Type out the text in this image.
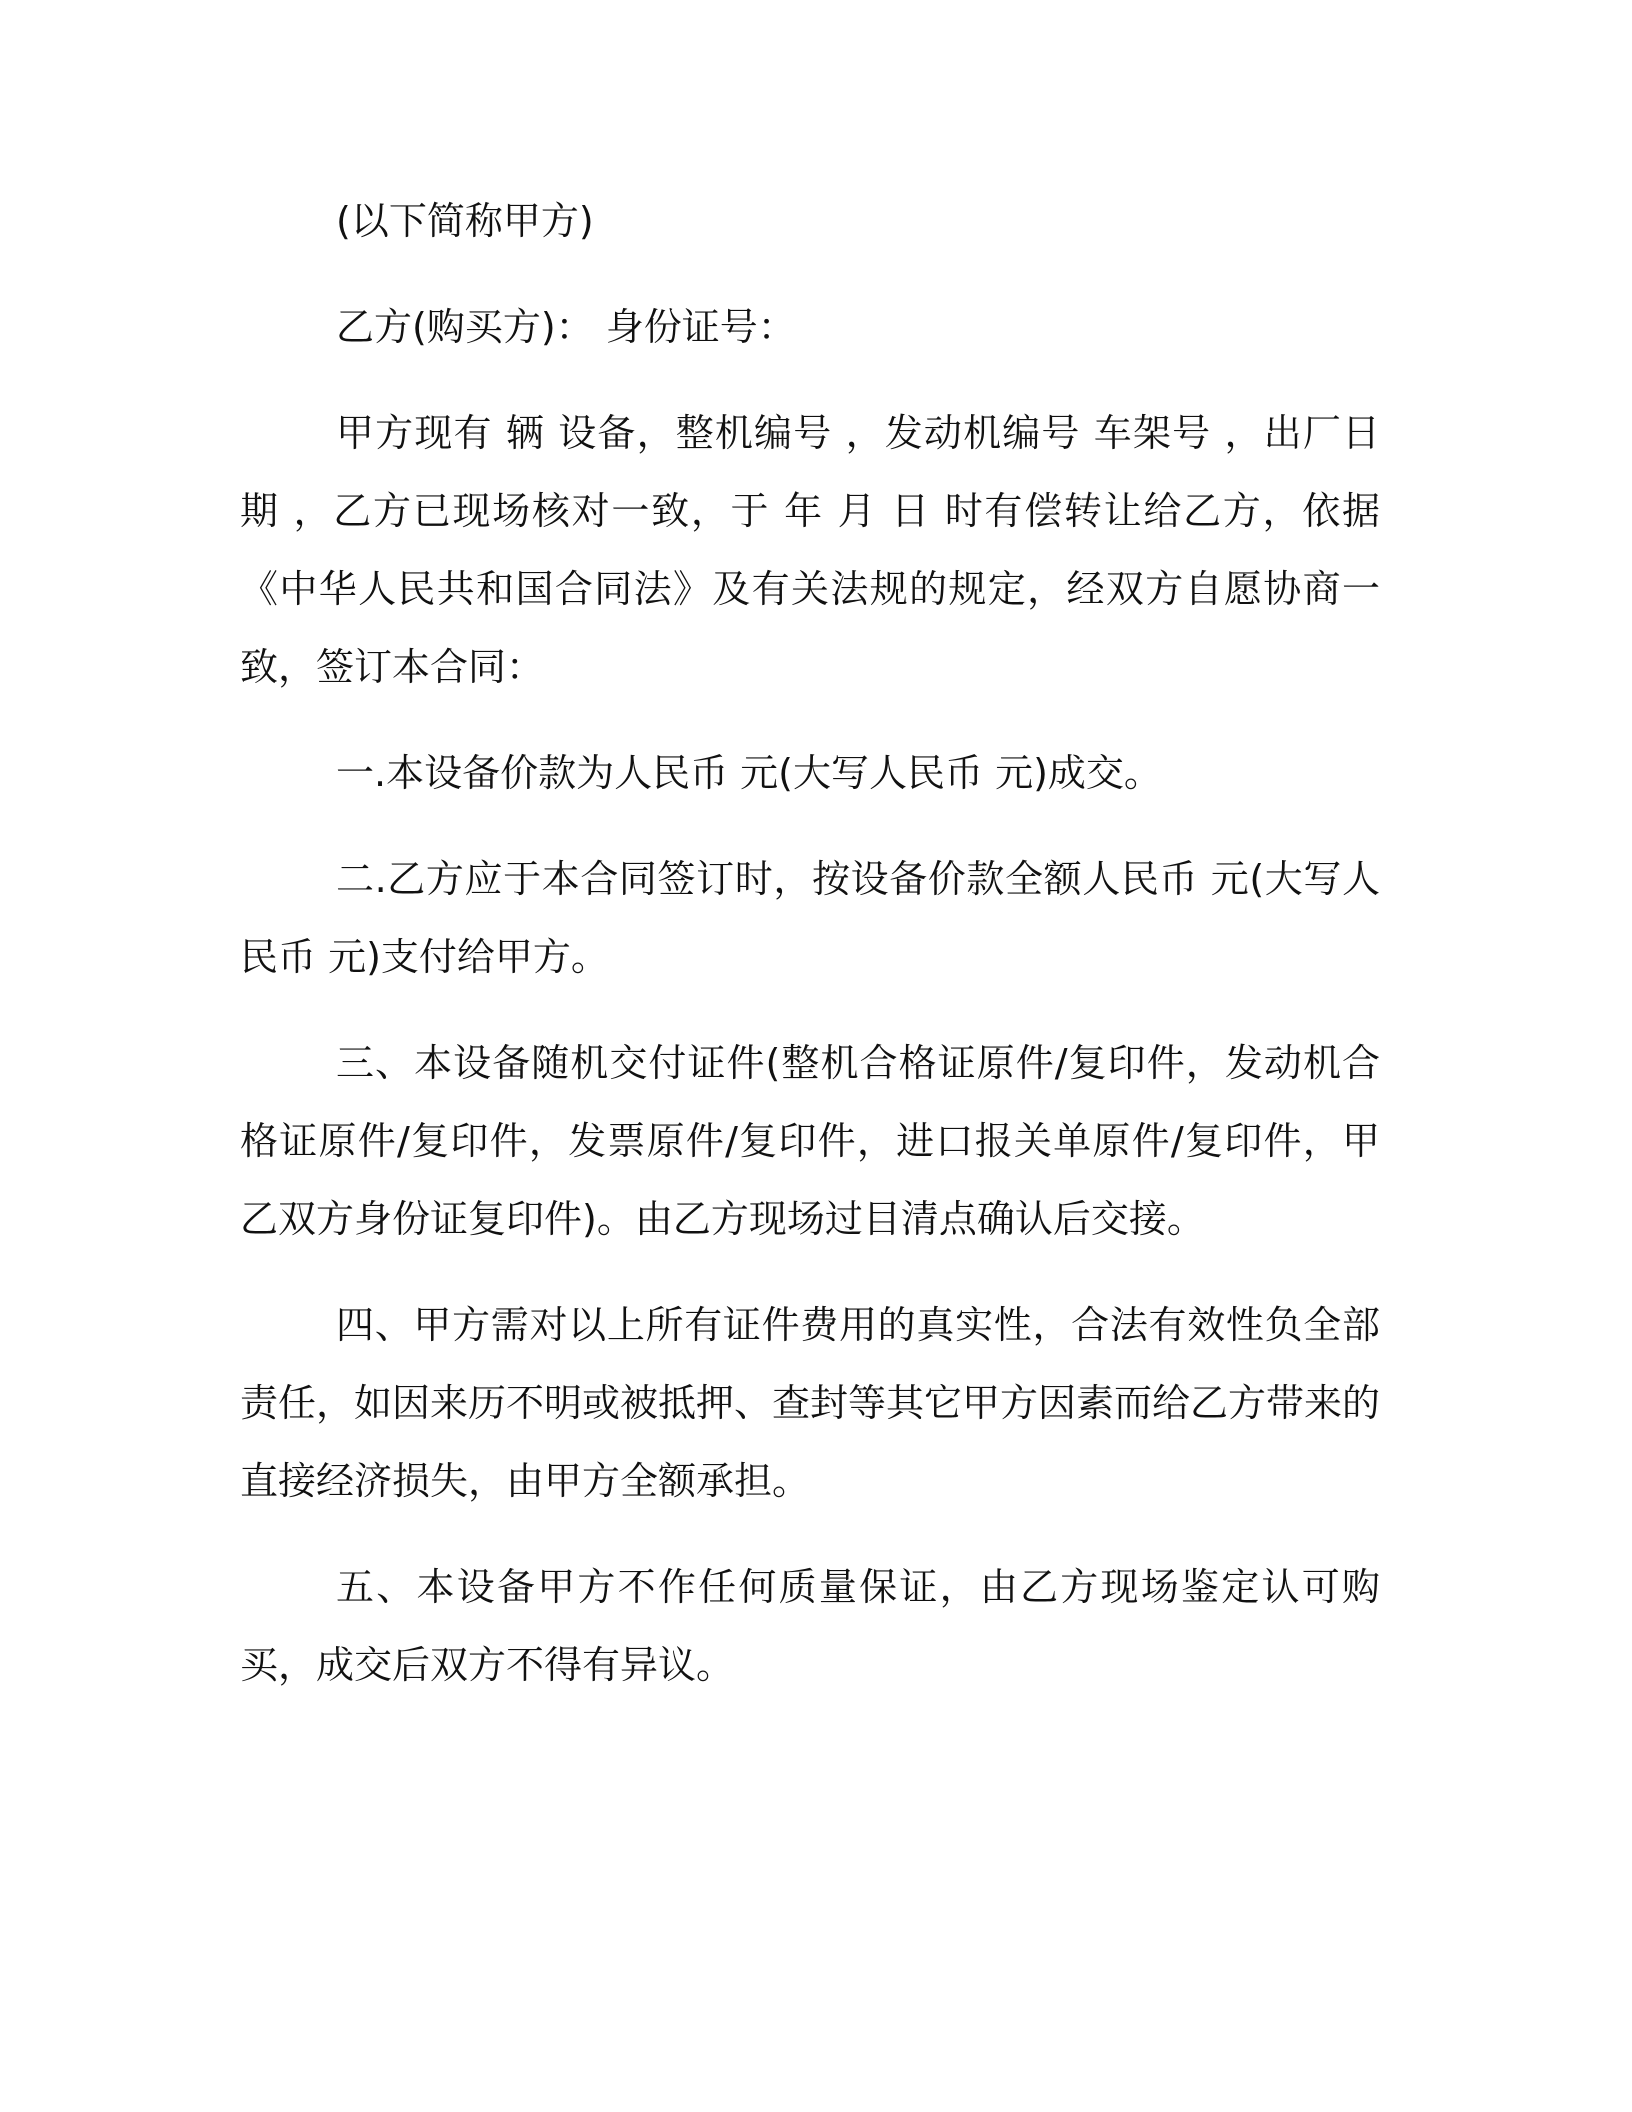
(以下简称甲方)

乙方(购买方)： 身份证号：

甲方现有 辆 设备，整机编号 ，发动机编号 车架号 ，出厂日期 ，乙方已现场核对一致，于 年 月 日 时有偿转让给乙方，依据《中华人民共和国合同法》及有关法规的规定，经双方自愿协商一致，签订本合同：

一.本设备价款为人民币 元(大写人民币 元)成交。

二.乙方应于本合同签订时，按设备价款全额人民币 元(大写人民币 元)支付给甲方。

三、本设备随机交付证件(整机合格证原件/复印件，发动机合格证原件/复印件，发票原件/复印件，进口报关单原件/复印件，甲乙双方身份证复印件)。由乙方现场过目清点确认后交接。

四、甲方需对以上所有证件费用的真实性，合法有效性负全部责任，如因来历不明或被抵押、查封等其它甲方因素而给乙方带来的直接经济损失，由甲方全额承担。

五、本设备甲方不作任何质量保证，由乙方现场鉴定认可购买，成交后双方不得有异议。
